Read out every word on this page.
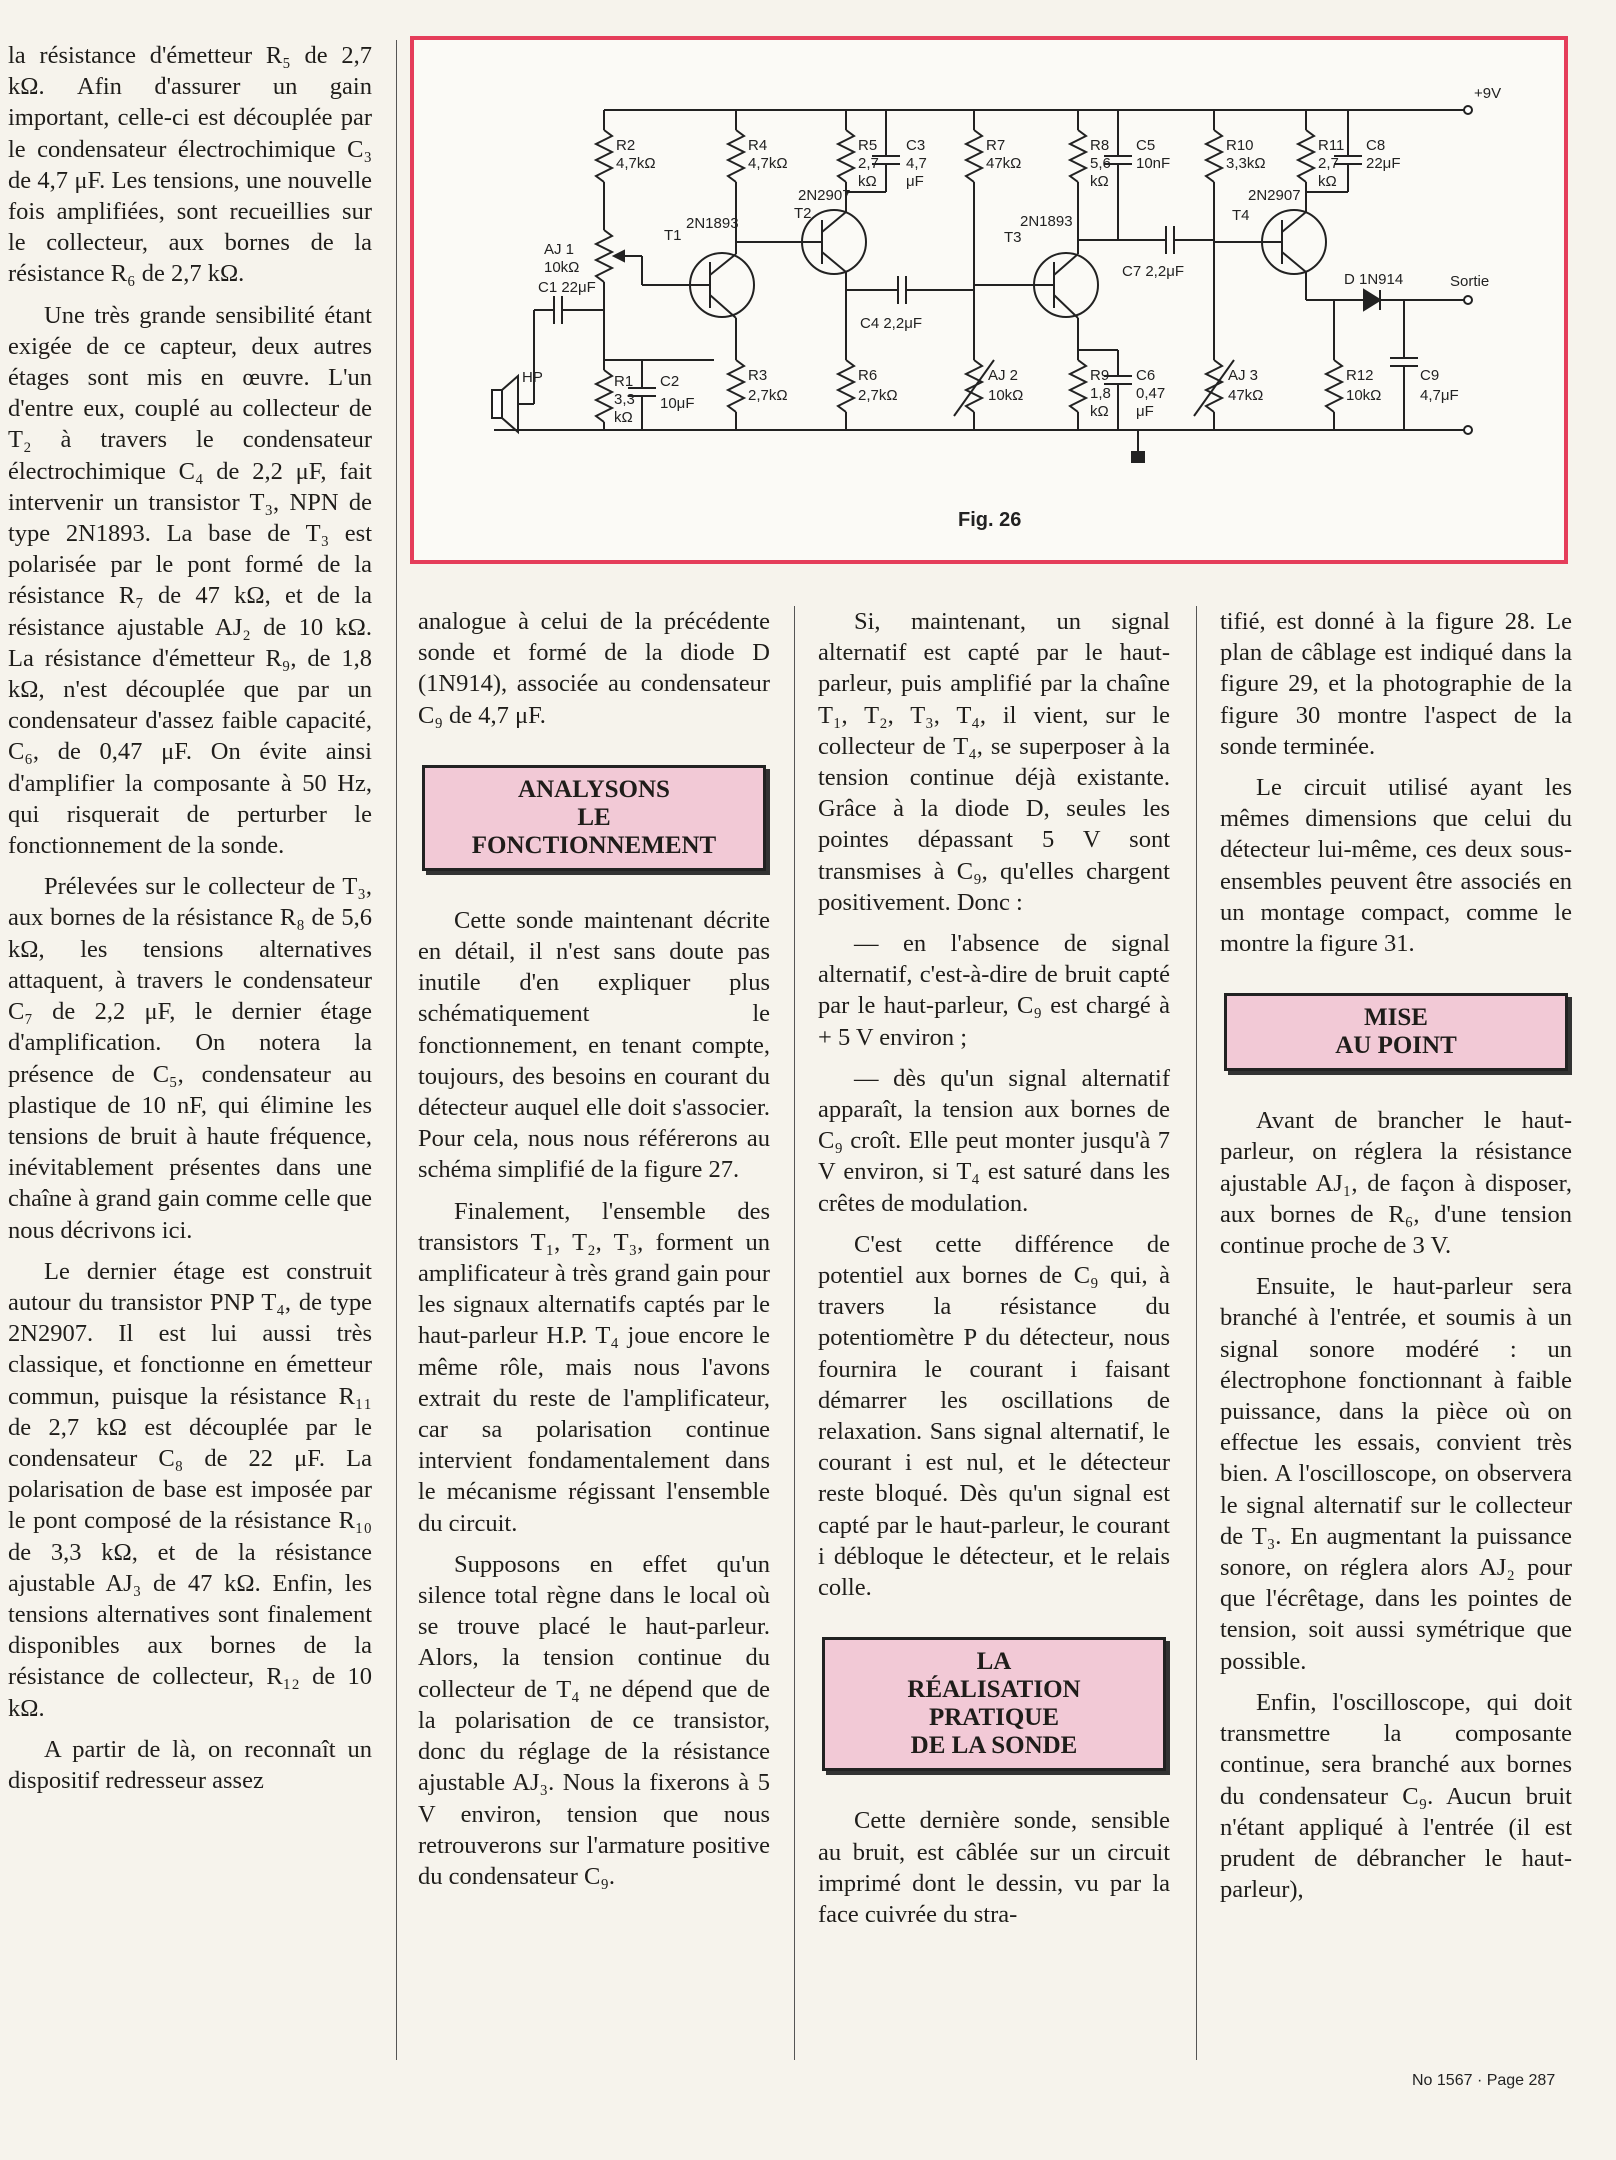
la résistance d'émetteur R₅ de 2,7 kΩ. Afin d'assurer un gain important, celle-ci est découplée par le condensateur électrochimique C₃ de 4,7 μF. Les tensions, une nouvelle fois amplifiées, sont recueillies sur le collecteur, aux bornes de la résistance R₆ de 2,7 kΩ.

Une très grande sensibilité étant exigée de ce capteur, deux autres étages sont mis en œuvre. L'un d'entre eux, couplé au collecteur de T₂ à travers le condensateur électrochimique C₄ de 2,2 μF, fait intervenir un transistor T₃, NPN de type 2N1893. La base de T₃ est polarisée par le pont formé de la résistance R₇ de 47 kΩ, et de la résistance ajustable AJ₂ de 10 kΩ. La résistance d'émetteur R₉, de 1,8 kΩ, n'est découplée que par un condensateur d'assez faible capacité, C₆, de 0,47 μF. On évite ainsi d'amplifier la composante à 50 Hz, qui risquerait de perturber le fonctionnement de la sonde.

Prélevées sur le collecteur de T₃, aux bornes de la résistance R₈ de 5,6 kΩ, les tensions alternatives attaquent, à travers le condensateur C₇ de 2,2 μF, le dernier étage d'amplification. On notera la présence de C₅, condensateur au plastique de 10 nF, qui élimine les tensions de bruit à haute fréquence, inévitablement présentes dans une chaîne à grand gain comme celle que nous décrivons ici.

Le dernier étage est construit autour du transistor PNP T₄, de type 2N2907. Il est lui aussi très classique, et fonctionne en émetteur commun, puisque la résistance R₁₁ de 2,7 kΩ est découplée par le condensateur C₈ de 22 μF. La polarisation de base est imposée par le pont composé de la résistance R₁₀ de 3,3 kΩ, et de la résistance ajustable AJ₃ de 47 kΩ. Enfin, les tensions alternatives sont finalement disponibles aux bornes de la résistance de collecteur, R₁₂ de 10 kΩ.

A partir de là, on reconnaît un dispositif redresseur assez

+9V
Sortie
R2
4,7kΩ
AJ 1
10kΩ
C1 22μF
R1
3,3
kΩ
C2
10μF
HP
T1
2N1893
R4
4,7kΩ
R3
2,7kΩ
T2
2N2907
R5
2,7
kΩ
C3
4,7
μF
C4 2,2μF
R6
2,7kΩ
R7
47kΩ
AJ 2
10kΩ
T3
2N1893
R8
5,6
kΩ
C5
10nF
R9
1,8
kΩ
C6
0,47
μF
C7 2,2μF
R10
3,3kΩ
AJ 3
47kΩ
T4
2N2907
R11
2,7
kΩ
C8
22μF
D 1N914
R12
10kΩ
C9
4,7μF
Fig. 26

analogue à celui de la précédente sonde et formé de la diode D (1N914), associée au condensateur C₉ de 4,7 μF.

ANALYSONS
LE
FONCTIONNEMENT

Cette sonde maintenant décrite en détail, il n'est sans doute pas inutile d'en expliquer plus schématiquement le fonctionnement, en tenant compte, toujours, des besoins en courant du détecteur auquel elle doit s'associer. Pour cela, nous nous référerons au schéma simplifié de la figure 27.

Finalement, l'ensemble des transistors T₁, T₂, T₃, forment un amplificateur à très grand gain pour les signaux alternatifs captés par le haut-parleur H.P. T₄ joue encore le même rôle, mais nous l'avons extrait du reste de l'amplificateur, car sa polarisation continue intervient fondamentalement dans le mécanisme régissant l'ensemble du circuit.

Supposons en effet qu'un silence total règne dans le local où se trouve placé le haut-parleur. Alors, la tension continue du collecteur de T₄ ne dépend que de la polarisation de ce transistor, donc du réglage de la résistance ajustable AJ₃. Nous la fixerons à 5 V environ, tension que nous retrouverons sur l'armature positive du condensateur C₉.

Si, maintenant, un signal alternatif est capté par le haut-parleur, puis amplifié par la chaîne T₁, T₂, T₃, T₄, il vient, sur le collecteur de T₄, se superposer à la tension continue déjà existante. Grâce à la diode D, seules les pointes dépassant 5 V sont transmises à C₉, qu'elles chargent positivement. Donc :

— en l'absence de signal alternatif, c'est-à-dire de bruit capté par le haut-parleur, C₉ est chargé à + 5 V environ ;

— dès qu'un signal alternatif apparaît, la tension aux bornes de C₉ croît. Elle peut monter jusqu'à 7 V environ, si T₄ est saturé dans les crêtes de modulation.

C'est cette différence de potentiel aux bornes de C₉ qui, à travers la résistance du potentiomètre P du détecteur, nous fournira le courant i faisant démarrer les oscillations de relaxation. Sans signal alternatif, le courant i est nul, et le détecteur reste bloqué. Dès qu'un signal est capté par le haut-parleur, le courant i débloque le détecteur, et le relais colle.

LA
RÉALISATION
PRATIQUE
DE LA SONDE

Cette dernière sonde, sensible au bruit, est câblée sur un circuit imprimé dont le dessin, vu par la face cuivrée du stra-

tifié, est donné à la figure 28. Le plan de câblage est indiqué dans la figure 29, et la photographie de la figure 30 montre l'aspect de la sonde terminée.

Le circuit utilisé ayant les mêmes dimensions que celui du détecteur lui-même, ces deux sous-ensembles peuvent être associés en un montage compact, comme le montre la figure 31.

MISE
AU POINT

Avant de brancher le haut-parleur, on réglera la résistance ajustable AJ₁, de façon à disposer, aux bornes de R₆, d'une tension continue proche de 3 V.

Ensuite, le haut-parleur sera branché à l'entrée, et soumis à un signal sonore modéré : un électrophone fonctionnant à faible puissance, dans la pièce où on effectue les essais, convient très bien. A l'oscilloscope, on observera le signal alternatif sur le collecteur de T₃. En augmentant la puissance sonore, on réglera alors AJ₂ pour que l'écrêtage, dans les pointes de tension, soit aussi symétrique que possible.

Enfin, l'oscilloscope, qui doit transmettre la composante continue, sera branché aux bornes du condensateur C₉. Aucun bruit n'étant appliqué à l'entrée (il est prudent de débrancher le haut-parleur),

No 1567 · Page 287
